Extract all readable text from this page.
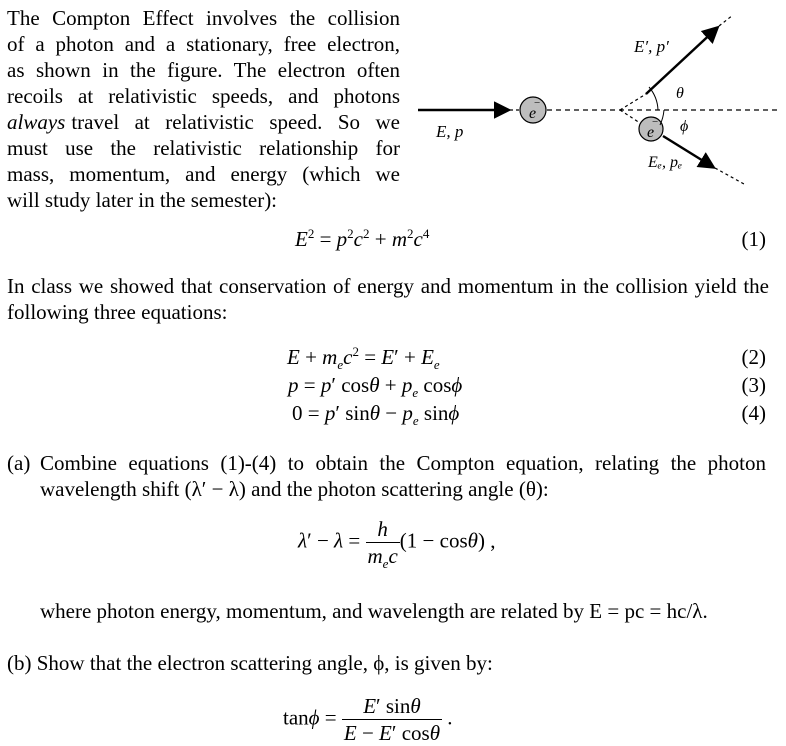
The Compton Effect involves the collision
of a photon and a stationary, free electron,
as shown in the figure. The electron often
recoils at relativistic speeds, and photons
always travel at relativistic speed. So we
must use the relativistic relationship for
mass, momentum, and energy (which we
will study later in the semester):
e
−
e
−
E′, p′
θ
ϕ
E, p
Eₑ, pₑ
$E^2 = p^2c^2 + m^2c^4$	(1)
In class we showed that conservation of energy and momentum in the collision yield the following three equations:
$E + m_ec^2 = E' + E_e$	(2)
p = p′ $\cos\theta + p_e$ cosϕ	(3)
0 = p′ $\sin\theta - p_e$ sinϕ	(4)
(a) Combine equations (1)-(4) to obtain the Compton equation, relating the photon wavelength shift (λ′ − λ) and the photon scattering angle (θ):
$\lambda' - \lambda = \frac{h}{m_ec} (1 - \cos\theta)$ ,
where photon energy, momentum, and wavelength are related by E = pc = hc/λ.
(b) Show that the electron scattering angle, ϕ, is given by:
$\tan\phi = \frac{E' \sin\theta}{E - E' \cos\theta}$ .
